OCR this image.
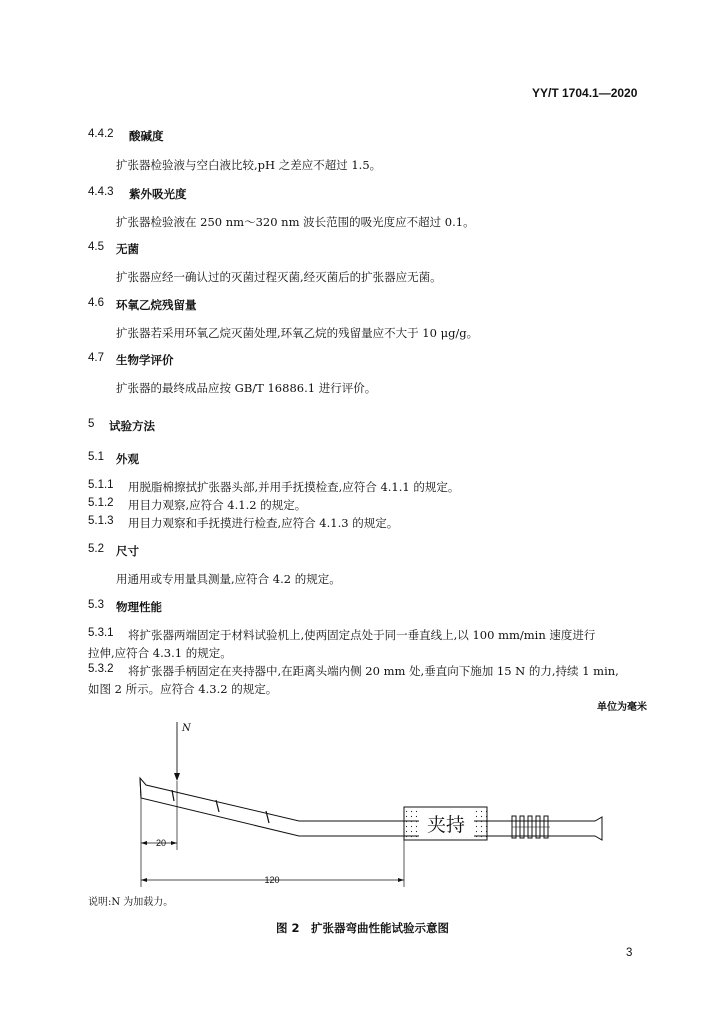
YY/T 1704.1—2020
4.4.2 酸碱度
扩张器检验液与空白液比较,pH 之差应不超过 1.5。
4.4.3 紫外吸光度
扩张器检验液在 250 nm～320 nm 波长范围的吸光度应不超过 0.1。
4.5 无菌
扩张器应经一确认过的灭菌过程灭菌,经灭菌后的扩张器应无菌。
4.6 环氧乙烷残留量
扩张器若采用环氧乙烷灭菌处理,环氧乙烷的残留量应不大于 10 μg/g。
4.7 生物学评价
扩张器的最终成品应按 GB/T 16886.1 进行评价。
5 试验方法
5.1 外观
5.1.1 用脱脂棉擦拭扩张器头部,并用手抚摸检查,应符合 4.1.1 的规定。
5.1.2 用目力观察,应符合 4.1.2 的规定。
5.1.3 用目力观察和手抚摸进行检查,应符合 4.1.3 的规定。
5.2 尺寸
用通用或专用量具测量,应符合 4.2 的规定。
5.3 物理性能
5.3.1 将扩张器两端固定于材料试验机上,使两固定点处于同一垂直线上,以 100 mm/min 速度进行
拉伸,应符合 4.3.1 的规定。
5.3.2 将扩张器手柄固定在夹持器中,在距离头端内侧 20 mm 处,垂直向下施加 15 N 的力,持续 1 min,
如图 2 所示。应符合 4.3.2 的规定。
单位为毫米
夹持
20
120
N
说明:N 为加载力。
图 2　扩张器弯曲性能试验示意图
3
